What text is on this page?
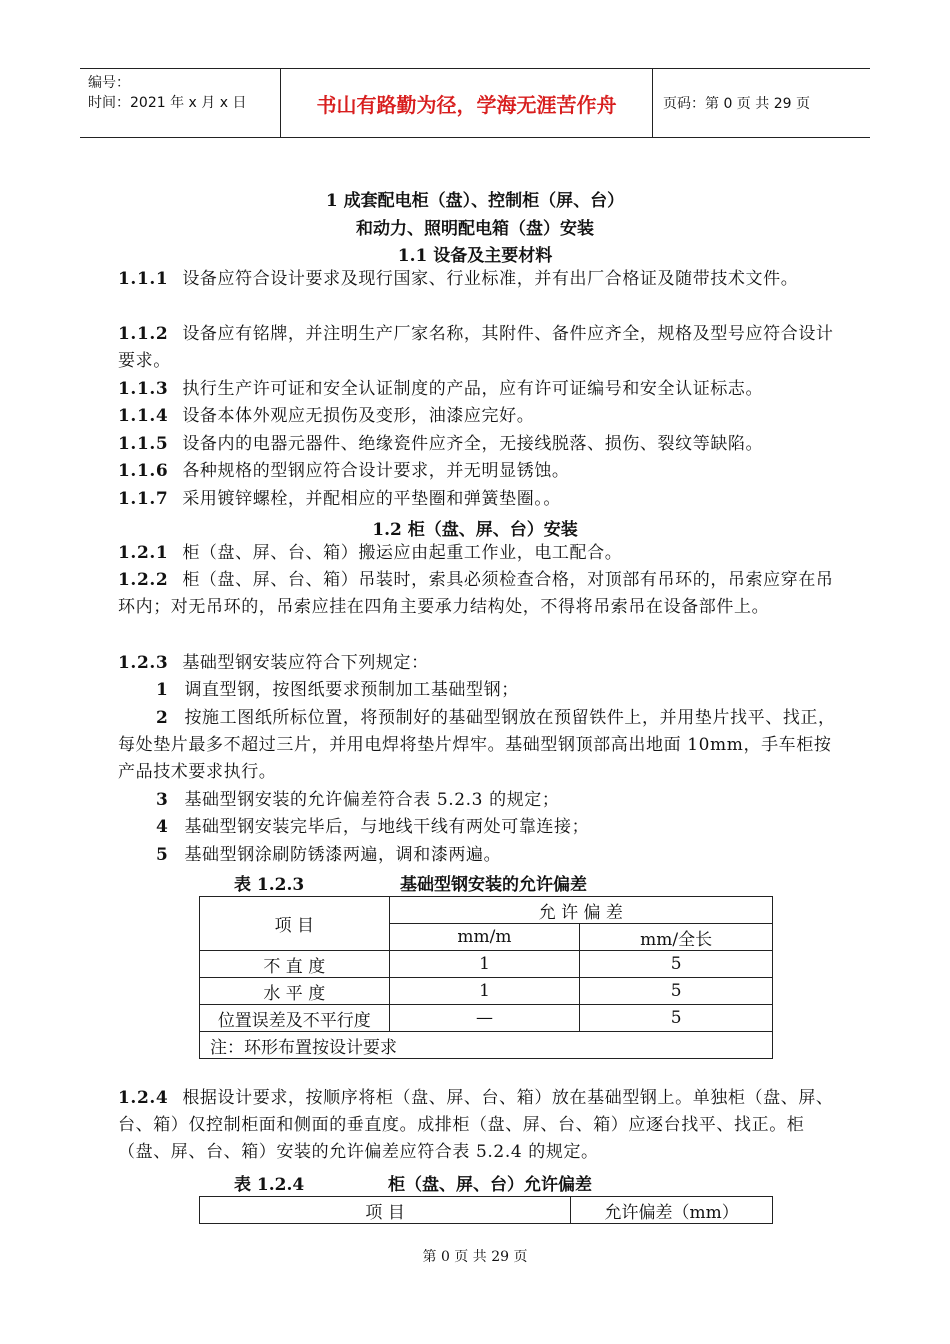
编号：
时间：2021 年 x 月 x 日	书山有路勤为径，学海无涯苦作舟	页码：第 0 页 共 29 页
1 成套配电柜（盘）、控制柜（屏、台）
和动力、照明配电箱（盘）安装
1.1 设备及主要材料
1.1.1 设备应符合设计要求及现行国家、行业标准，并有出厂合格证及随带技术文件。
1.1.2 设备应有铭牌，并注明生产厂家名称，其附件、备件应齐全，规格及型号应符合设计要求。
1.1.3 执行生产许可证和安全认证制度的产品，应有许可证编号和安全认证标志。
1.1.4 设备本体外观应无损伤及变形，油漆应完好。
1.1.5 设备内的电器元器件、绝缘瓷件应齐全，无接线脱落、损伤、裂纹等缺陷。
1.1.6 各种规格的型钢应符合设计要求，并无明显锈蚀。
1.1.7 采用镀锌螺栓，并配相应的平垫圈和弹簧垫圈。。
1.2 柜（盘、屏、台）安装
1.2.1 柜（盘、屏、台、箱）搬运应由起重工作业，电工配合。
1.2.2 柜（盘、屏、台、箱）吊装时，索具必须检查合格，对顶部有吊环的，吊索应穿在吊环内；对无吊环的，吊索应挂在四角主要承力结构处，不得将吊索吊在设备部件上。
1.2.3 基础型钢安装应符合下列规定：
1 调直型钢，按图纸要求预制加工基础型钢；
2 按施工图纸所标位置，将预制好的基础型钢放在预留铁件上，并用垫片找平、找正，每处垫片最多不超过三片，并用电焊将垫片焊牢。基础型钢顶部高出地面 10mm，手车柜按产品技术要求执行。
3 基础型钢安装的允许偏差符合表 5.2.3 的规定；
4 基础型钢安装完毕后，与地线干线有两处可靠连接；
5 基础型钢涂刷防锈漆两遍，调和漆两遍。
表 1.2.3	基础型钢安装的允许偏差
项 目	允 许 偏 差	
	mm/m	mm/全长
不 直 度	1	5
水 平 度	1	5
位置误差及不平行度	—	5
注：环形布置按设计要求		
1.2.4 根据设计要求，按顺序将柜（盘、屏、台、箱）放在基础型钢上。单独柜（盘、屏、台、箱）仅控制柜面和侧面的垂直度。成排柜（盘、屏、台、箱）应逐台找平、找正。柜（盘、屏、台、箱）安装的允许偏差应符合表 5.2.4 的规定。
表 1.2.4	柜（盘、屏、台）允许偏差
项 目	允许偏差（mm）
第 0 页 共 29 页
